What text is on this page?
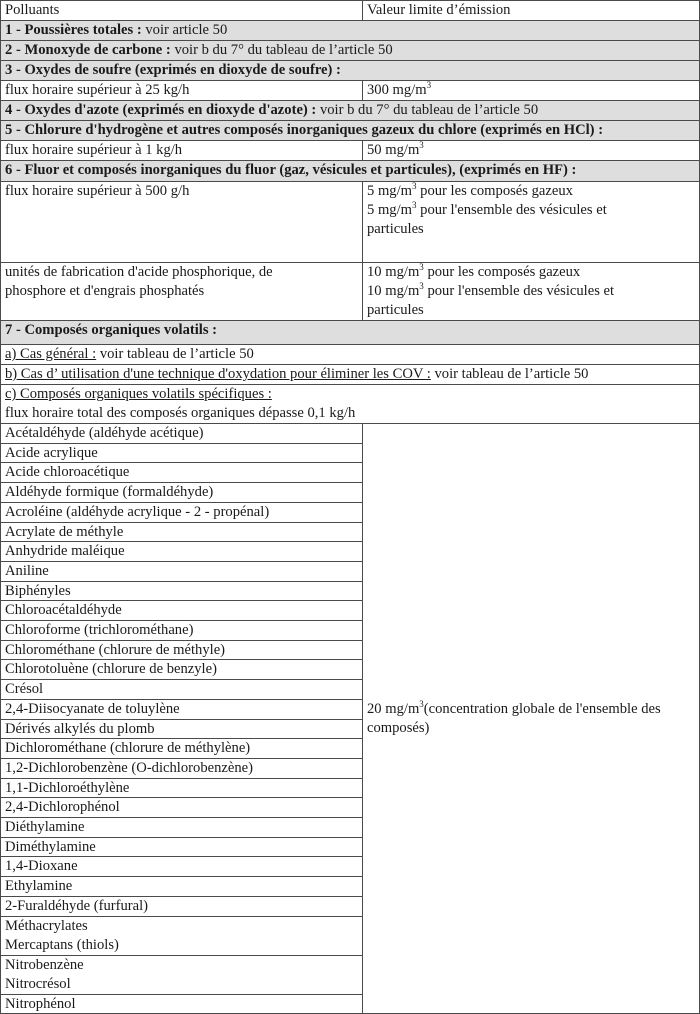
Polluants	Valeur limite d’émission
1 - Poussières totales : voir article 50	
2 - Monoxyde de carbone : voir b du 7° du tableau de l’article 50	
3 - Oxydes de soufre (exprimés en dioxyde de soufre) :	
flux horaire supérieur à 25 kg/h	300 $mg/m^3$
4 - Oxydes d'azote (exprimés en dioxyde d'azote) : voir b du 7° du tableau de l’article 50	
5 - Chlorure d'hydrogène et autres composés inorganiques gazeux du chlore (exprimés en HCl) :	
flux horaire supérieur à 1 kg/h	50 $mg/m^3$
6 - Fluor et composés inorganiques du fluor (gaz, vésicules et particules), (exprimés en HF) :	
flux horaire supérieur à 500 g/h	5 $mg/m^3$ pour les composés gazeux
5 $mg/m^3$ pour l'ensemble des vésicules et particules

unités de fabrication d'acide phosphorique, de phosphore et d'engrais phosphatés	10 $mg/m^3$ pour les composés gazeux
10 $mg/m^3$ pour l'ensemble des vésicules et particules

7 - Composés organiques volatils :	
a) Cas général : voir tableau de l’article 50	
b) Cas d’ utilisation d'une technique d'oxydation pour éliminer les COV : voir tableau de l’article 50	
c) Composés organiques volatils spécifiques :
flux horaire total des composés organiques dépasse 0,1 kg/h	

Acétaldéhyde (aldéhyde acétique)	20 $mg/m^3(concentration$ globale de l'ensemble des composés)
Acide acrylique	
Acide chloroacétique	
Aldéhyde formique (formaldéhyde)	
Acroléine (aldéhyde acrylique - 2 - propénal)	
Acrylate de méthyle	
Anhydride maléique	
Aniline	
Biphényles	
Chloroacétaldéhyde	
Chloroforme (trichlorométhane)	
Chlorométhane (chlorure de méthyle)	
Chlorotoluène (chlorure de benzyle)	
Crésol	
2,4-Diisocyanate de toluylène	
Dérivés alkylés du plomb	
Dichlorométhane (chlorure de méthylène)	
1,2-Dichlorobenzène (O-dichlorobenzène)	
1,1-Dichloroéthylène	
2,4-Dichlorophénol	
Diéthylamine	
Diméthylamine	
1,4-Dioxane	
Ethylamine	
2-Furaldéhyde (furfural)	

Méthacrylates
Mercaptans (thiols)	

Nitrobenzène
Nitrocrésol	

Nitrophénol	
